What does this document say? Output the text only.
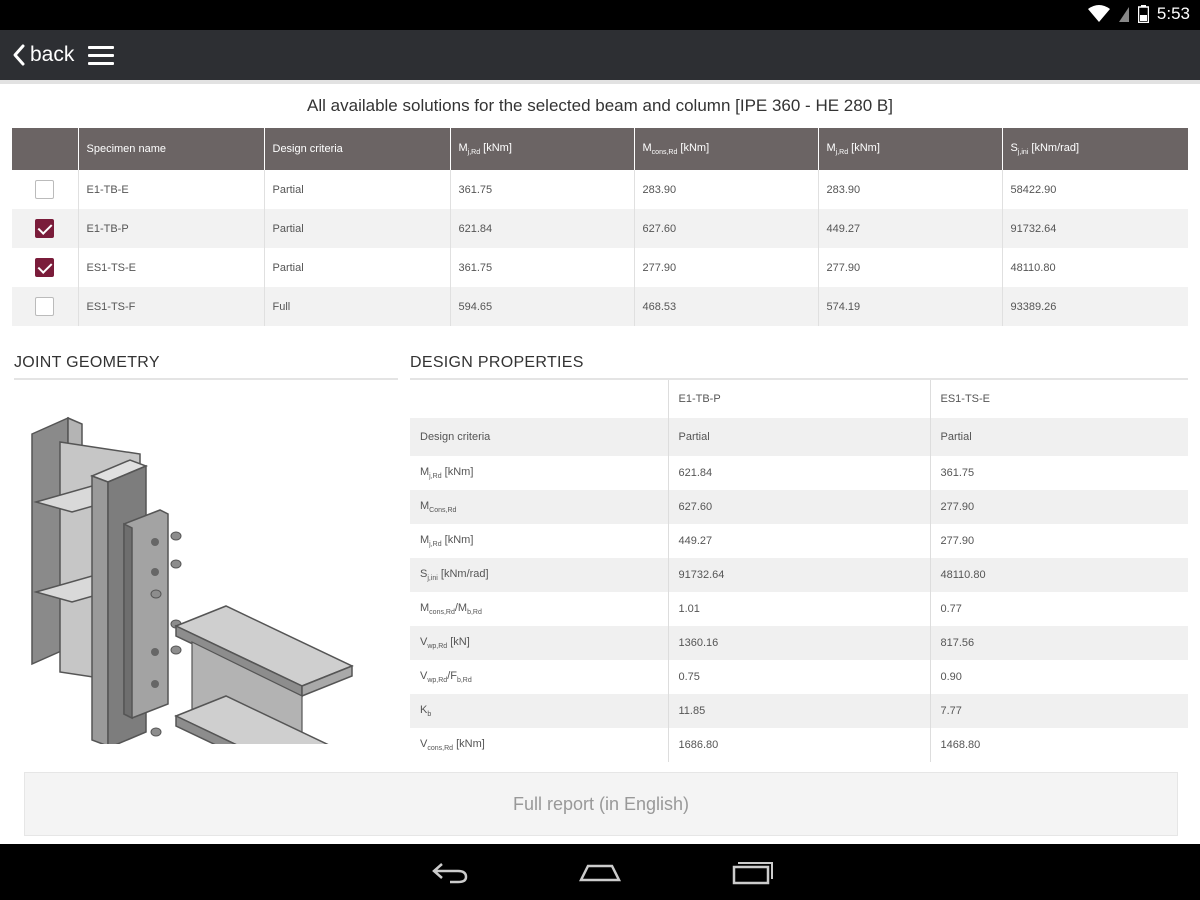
5:53
back
All available solutions for the selected beam and column [IPE 360 - HE 280 B]
	Specimen name	Design criteria	$M_{j,Rd}$ [kNm]	$M_{cons,Rd}$ [kNm]	$M_{j,Rd}$ [kNm]	$S_{j,ini}$ [kNm/rad]
	E1-TB-E	Partial	361.75	283.90	283.90	58422.90
	E1-TB-P	Partial	621.84	627.60	449.27	91732.64
	ES1-TS-E	Partial	361.75	277.90	277.90	48110.80
	ES1-TS-F	Full	594.65	468.53	574.19	93389.26
JOINT GEOMETRY	DESIGN PROPERTIES
	E1-TB-P	ES1-TS-E
Design criteria	Partial	Partial
$M_{j,Rd}$ [kNm]	621.84	361.75
$M_{Cons,Rd}$	627.60	277.90
$M_{j,Rd}$ [kNm]	449.27	277.90
$S_{j,ini}$ [kNm/rad]	91732.64	48110.80
$M_{cons,Rd}/M_{b,Rd}$	1.01	0.77
$V_{wp,Rd}$ [kN]	1360.16	817.56
$V_{wp,Rd}/F_{b,Rd}$	0.75	0.90
$K_b$	11.85	7.77
$V_{cons,Rd}$ [kNm]	1686.80	1468.80
Full report (in English)
